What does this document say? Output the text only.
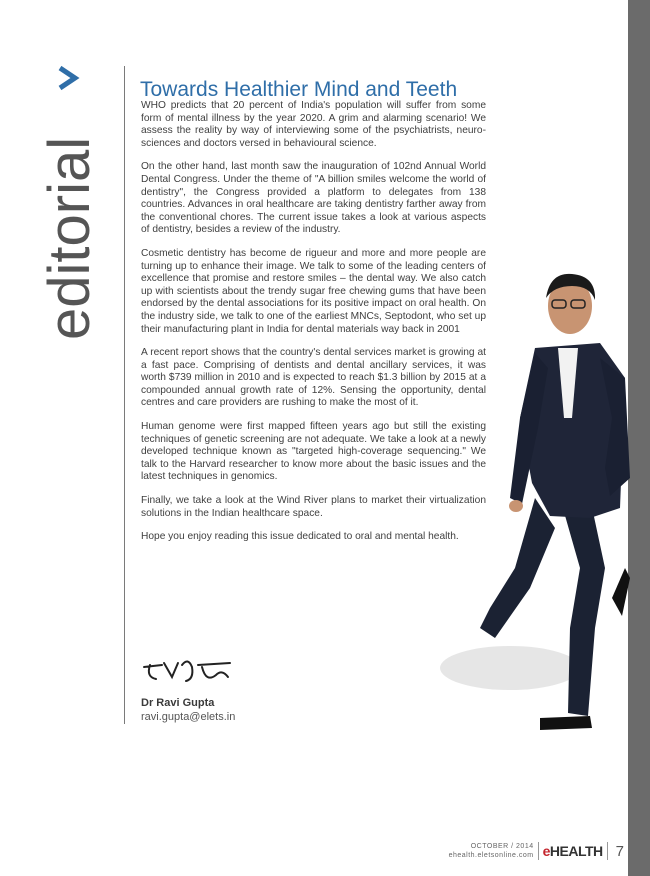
editorial
Towards Healthier Mind and Teeth

WHO predicts that 20 percent of India's population will suffer from some form of mental illness by the year 2020. A grim and alarming scenario! We assess the reality by way of interviewing some of the psychiatrists, neuro-sciences and doctors versed in behavioural science.

On the other hand, last month saw the inauguration of 102nd Annual World Dental Congress. Under the theme of "A billion smiles welcome the world of dentistry", the Congress provided a platform to delegates from 138 countries. Advances in oral healthcare are taking dentistry farther away from the conventional chores. The current issue takes a look at various aspects of dentistry, besides a review of the industry.

Cosmetic dentistry has become de rigueur and more and more people are turning up to enhance their image. We talk to some of the leading centers of excellence that promise and restore smiles – the dental way. We also catch up with scientists about the trendy sugar free chewing gums that have been endorsed by the dental associations for its positive impact on oral health. On the industry side, we talk to one of the earliest MNCs, Septodont, who set up their manufacturing plant in India for dental materials way back in 2001

A recent report shows that the country's dental services market is growing at a fast pace. Comprising of dentists and dental ancillary services, it was worth $739 million in 2010 and is expected to reach $1.3 billion by 2015 at a compounded annual growth rate of 12%. Sensing the opportunity, dental centres and care providers are rushing to make the most of it.

Human genome were first mapped fifteen years ago but still the existing techniques of genetic screening are not adequate. We take a look at a newly developed technique known as "targeted high-coverage sequencing." We talk to the Harvard researcher to know more about the basic issues and the latest techniques in genomics.

Finally, we take a look at the Wind River plans to market their virtualization solutions in the Indian healthcare space.

Hope you enjoy reading this issue dedicated to oral and mental health.

Dr Ravi Gupta
ravi.gupta@elets.in
OCTOBER / 2014
ehealth.eletsonline.com eHEALTH 7
